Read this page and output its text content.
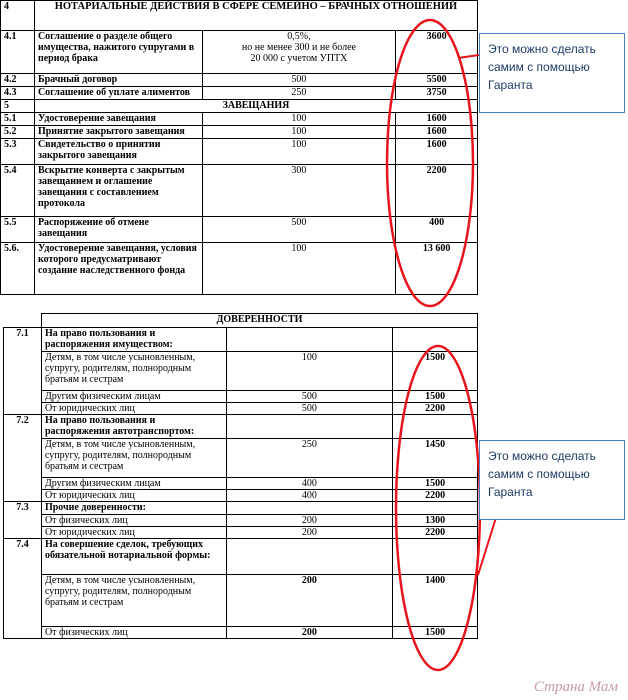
4	НОТАРИАЛЬНЫЕ ДЕЙСТВИЯ В СФЕРЕ СЕМЕЙНО – БРАЧНЫХ ОТНОШЕНИЙ		
4.1	Соглашение о разделе общего имущества, нажитого супругами в период брака	0,5%,
но не менее 300 и не более
20 000 с учетом УПТХ	3600
4.2	Брачный договор	500	5500
4.3	Соглашение об уплате алиментов	250	3750
5	ЗАВЕЩАНИЯ		
5.1	Удостоверение завещания	100	1600
5.2	Принятие закрытого завещания	100	1600
5.3	Свидетельство о принятии закрытого завещания	100	1600
5.4	Вскрытие конверта с закрытым завещанием и оглашение завещания с составлением протокола	300	2200
5.5	Распоряжение об отмене завещания	500	400
5.6.	Удостоверение завещания, условия которого предусматривают создание наследственного фонда	100	13 600
	ДОВЕРЕННОСТИ		
7.1	На право пользования и распоряжения имуществом:		
	Детям, в том числе усыновленным, супругу, родителям, полнородным братьям и сестрам	100	1500
	Другим физическим лицам	500	1500
	От юридических лиц	500	2200
7.2	На право пользования и распоряжения автотранспортом:		
	Детям, в том числе усыновленным, супругу, родителям, полнородным братьям и сестрам	250	1450
	Другим физическим лицам	400	1500
	От юридических лиц	400	2200
7.3	Прочие доверенности:		
	От физических лиц	200	1300
	От юридических лиц	200	2200
7.4	На совершение сделок, требующих обязательной нотариальной формы:		
	Детям, в том числе усыновленным, супругу, родителям, полнородным братьям и сестрам	200	1400
	От физических лиц	200	1500
Это можно сделать самим с помощью Гаранта
Это можно сделать самим с помощью Гаранта
Страна Мам
